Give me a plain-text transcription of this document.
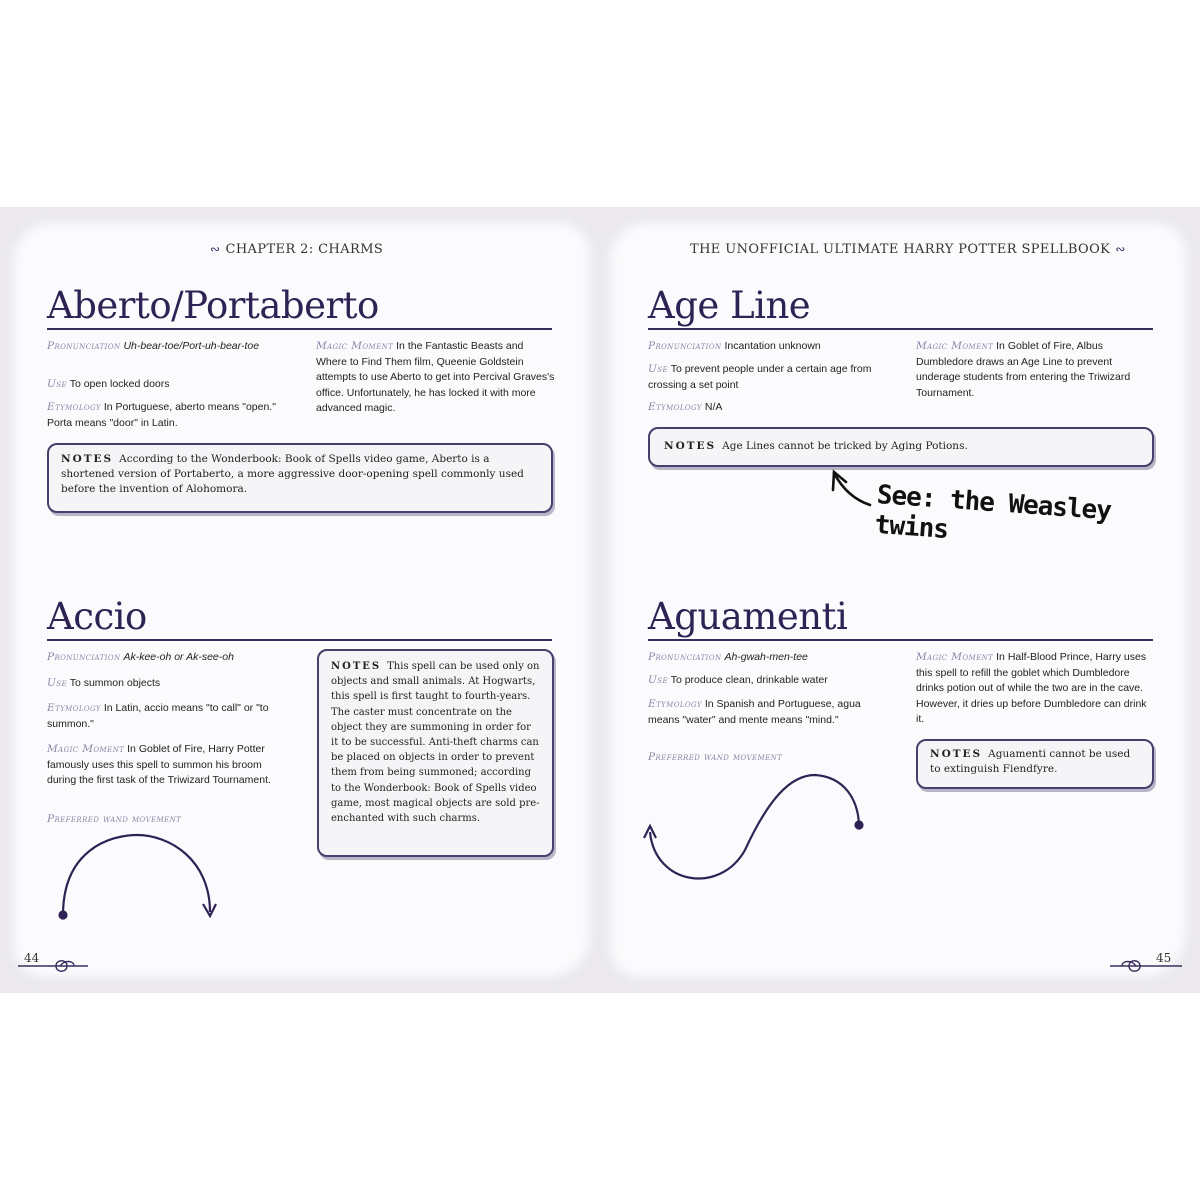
∾ CHAPTER 2: CHARMS	THE UNOFFICIAL ULTIMATE HARRY POTTER SPELLBOOK ∾
Aberto/Portaberto
Pronunciation Uh-bear-toe/Port-uh-bear-toe
Use To open locked doors
Etymology In Portuguese, aberto means "open." Porta means "door" in Latin.
Magic Moment In the Fantastic Beasts and Where to Find Them film, Queenie Goldstein attempts to use Aberto to get into Percival Graves's office. Unfortunately, he has locked it with more advanced magic.
NOTES According to the Wonderbook: Book of Spells video game, Aberto is a shortened version of Portaberto, a more aggressive door-opening spell commonly used before the invention of Alohomora.
Accio
Pronunciation Ak-kee-oh or Ak-see-oh
Use To summon objects
Etymology In Latin, accio means "to call" or "to summon."
Magic Moment In Goblet of Fire, Harry Potter famously uses this spell to summon his broom during the first task of the Triwizard Tournament.
Preferred wand movement
NOTES This spell can be used only on objects and small animals. At Hogwarts, this spell is first taught to fourth-years. The caster must concentrate on the object they are summoning in order for it to be successful. Anti-theft charms can be placed on objects in order to prevent them from being summoned; according to the Wonderbook: Book of Spells video game, most magical objects are sold pre-enchanted with such charms.
Age Line
Pronunciation Incantation unknown
Use To prevent people under a certain age from crossing a set point
Etymology N/A
Magic Moment In Goblet of Fire, Albus Dumbledore draws an Age Line to prevent underage students from entering the Triwizard Tournament.
NOTES Age Lines cannot be tricked by Aging Potions.
See: the Weasley twins
Aguamenti
Pronunciation Ah-gwah-men-tee
Use To produce clean, drinkable water
Etymology In Spanish and Portuguese, agua means "water" and mente means "mind."
Preferred wand movement
Magic Moment In Half-Blood Prince, Harry uses this spell to refill the goblet which Dumbledore drinks potion out of while the two are in the cave. However, it dries up before Dumbledore can drink it.
NOTES Aguamenti cannot be used to extinguish Fiendfyre.
44	45
